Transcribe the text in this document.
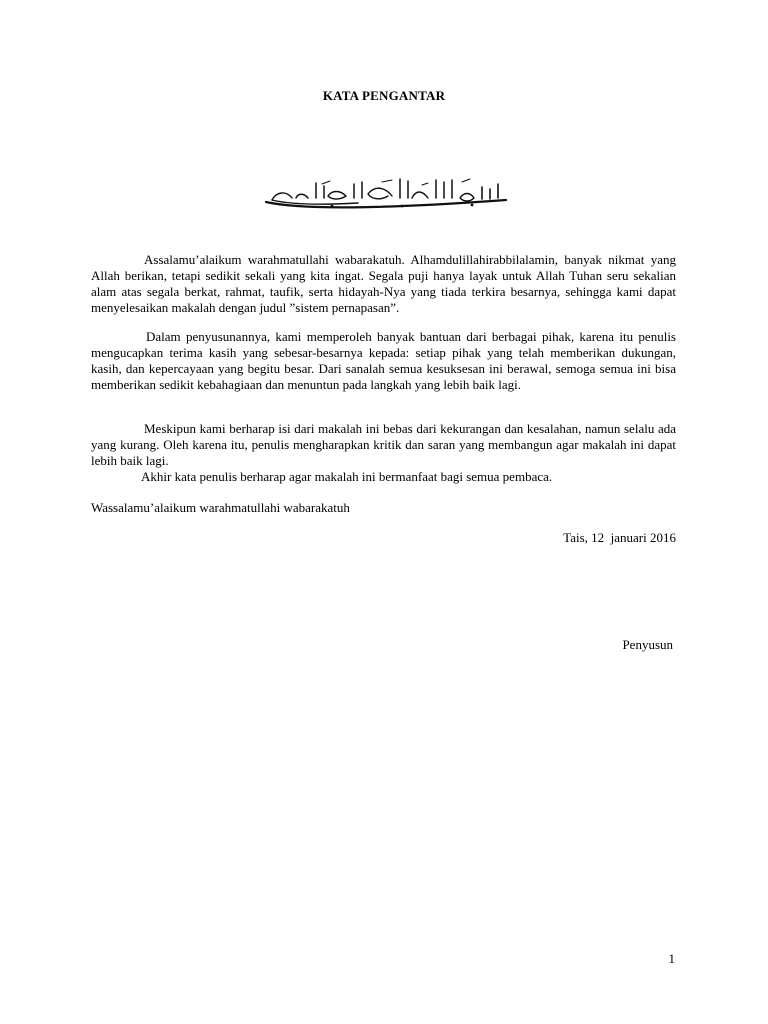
KATA PENGANTAR
Assalamu’alaikum warahmatullahi wabarakatuh. Alhamdulillahirabbilalamin, banyak nikmat yang Allah berikan, tetapi sedikit sekali yang kita ingat. Segala puji hanya layak untuk Allah Tuhan seru sekalian alam atas segala berkat, rahmat, taufik, serta hidayah-Nya yang tiada terkira besarnya, sehingga kami dapat menyelesaikan makalah dengan judul ”sistem pernapasan”.
Dalam penyusunannya, kami memperoleh banyak bantuan dari berbagai pihak, karena itu penulis mengucapkan terima kasih yang sebesar-besarnya kepada: setiap pihak yang telah memberikan dukungan, kasih, dan kepercayaan yang begitu besar. Dari sanalah semua kesuksesan ini berawal, semoga semua ini bisa memberikan sedikit kebahagiaan dan menuntun pada langkah yang lebih baik lagi.
Meskipun kami berharap isi dari makalah ini bebas dari kekurangan dan kesalahan, namun selalu ada yang kurang. Oleh karena itu, penulis mengharapkan kritik dan saran yang membangun agar makalah ini dapat lebih baik lagi.
Akhir kata penulis berharap agar makalah ini bermanfaat bagi semua pembaca.
Wassalamu’alaikum warahmatullahi wabarakatuh
Tais, 12  januari 2016
Penyusun
1
